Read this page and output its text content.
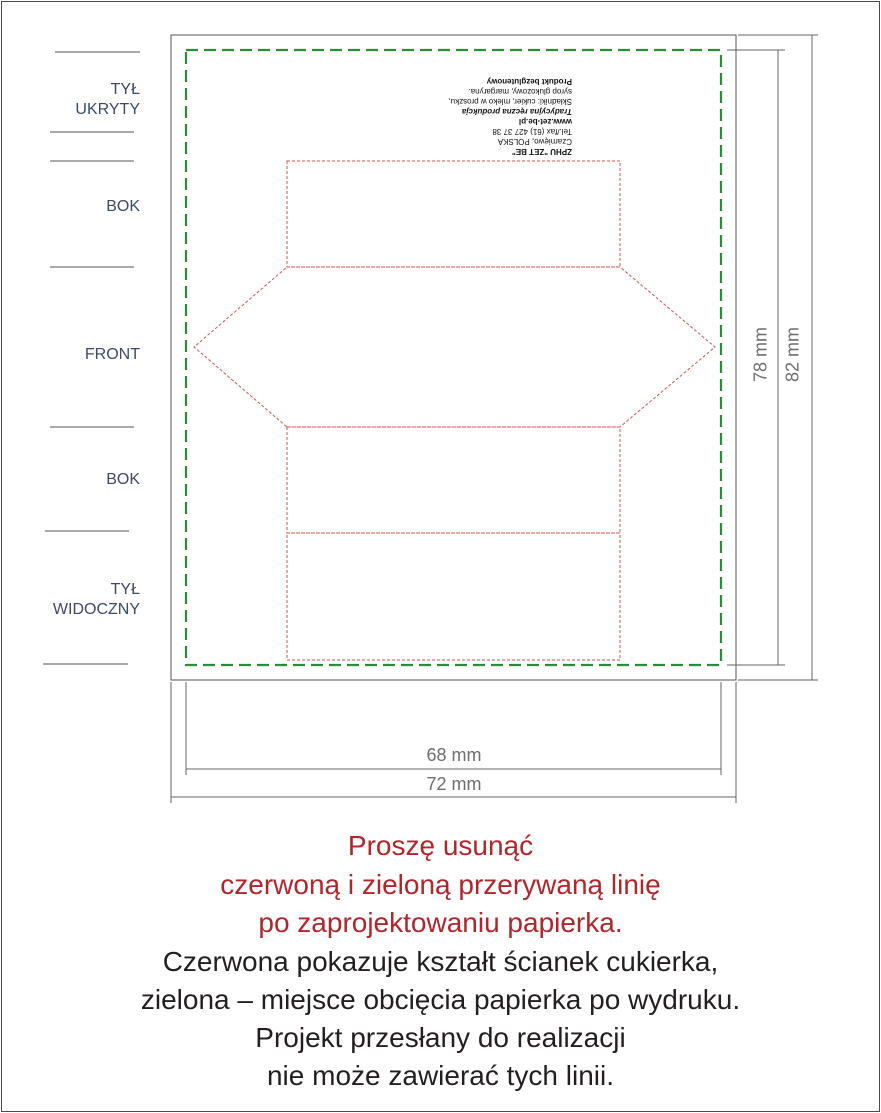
TYŁ
UKRYTY
BOK
FRONT
BOK
TYŁ
WIDOCZNY
ZPHU "ZET BE"
Czarnięwo, POLSKA
Tel./fax (61) 427 37 38
www.zet-be.pl
Tradycyjna ręczna produkcja
Składniki: cukier, mleko w proszku,
syrop glukozowy, margaryna.
Produkt bezglutenowy
68 mm
72 mm
78 mm 82 mm
Proszę usunąć
czerwoną i zieloną przerywaną linię
po zaprojektowaniu papierka.
Czerwona pokazuje kształt ścianek cukierka,
zielona – miejsce obcięcia papierka po wydruku.
Projekt przesłany do realizacji
nie może zawierać tych linii.
